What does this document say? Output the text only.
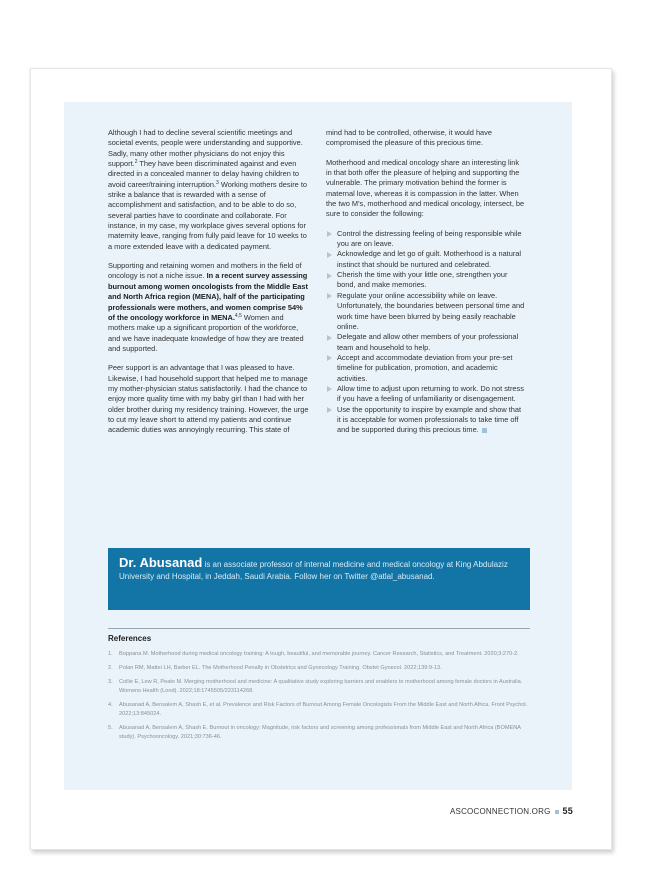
Although I had to decline several scientific meetings and societal events, people were understanding and supportive. Sadly, many other mother physicians do not enjoy this support.$^2$ They have been discriminated against and even directed in a concealed manner to delay having children to avoid career/training interruption.$^3$ Working mothers desire to strike a balance that is rewarded with a sense of accomplishment and satisfaction, and to be able to do so, several parties have to coordinate and collaborate. For instance, in my case, my workplace gives several options for maternity leave, ranging from fully paid leave for 10 weeks to a more extended leave with a dedicated payment.

Supporting and retaining women and mothers in the field of oncology is not a niche issue. In a recent survey assessing burnout among women oncologists from the Middle East and North Africa region (MENA), half of the participating professionals were mothers, and women comprise 54% of the oncology workforce in MENA.$^{4,5}$ Women and mothers make up a significant proportion of the workforce, and we have inadequate knowledge of how they are treated and supported.

Peer support is an advantage that I was pleased to have. Likewise, I had household support that helped me to manage my mother-physician status satisfactorily. I had the chance to enjoy more quality time with my baby girl than I had with her older brother during my residency training. However, the urge to cut my leave short to attend my patients and continue academic duties was annoyingly recurring. This state of

mind had to be controlled, otherwise, it would have compromised the pleasure of this precious time.

Motherhood and medical oncology share an interesting link in that both offer the pleasure of helping and supporting the vulnerable. The primary motivation behind the former is maternal love, whereas it is compassion in the latter. When the two M’s, motherhood and medical oncology, intersect, be sure to consider the following:

Control the distressing feeling of being responsible while you are on leave.
Acknowledge and let go of guilt. Motherhood is a natural instinct that should be nurtured and celebrated.
Cherish the time with your little one, strengthen your bond, and make memories.
Regulate your online accessibility while on leave. Unfortunately, the boundaries between personal time and work time have been blurred by being easily reachable online.
Delegate and allow other members of your professional team and household to help.
Accept and accommodate deviation from your pre-set timeline for publication, promotion, and academic activities.
Allow time to adjust upon returning to work. Do not stress if you have a feeling of unfamiliarity or disengagement.
Use the opportunity to inspire by example and show that it is acceptable for women professionals to take time off and be supported during this precious time.
Dr. Abusanad is an associate professor of internal medicine and medical oncology at King Abdulaziz University and Hospital, in Jeddah, Saudi Arabia. Follow her on Twitter @atlal_abusanad.
References
1. Boppana M. Motherhood during medical oncology training: A tough, beautiful, and memorable journey. Cancer Research, Statistics, and Treatment. 2020;3:270-2.
2. Polan RM, Mattei LH, Barber EL. The Motherhood Penalty in Obstetrics and Gynecology Training. Obstet Gynecol. 2022;139:9-13.
3. Collie E, Lew R, Peate M. Merging motherhood and medicine: A qualitative study exploring barriers and enablers to motherhood among female doctors in Australia. Womens Health (Lond). 2022;18:1745505/223114268.
4. Abusanad A, Bensalem A, Shash E, et al. Prevalence and Risk Factors of Burnout Among Female Oncologists From the Middle East and North Africa. Front Psychol. 2022;13:845024.
5. Abusanad A, Bensalem A, Shash E. Burnout in oncology: Magnitude, risk factors and screening among professionals from Middle East and North Africa (BOMENA study). Psychooncology. 2021;30:736-46.
ASCOCONNECTION.ORG 55
